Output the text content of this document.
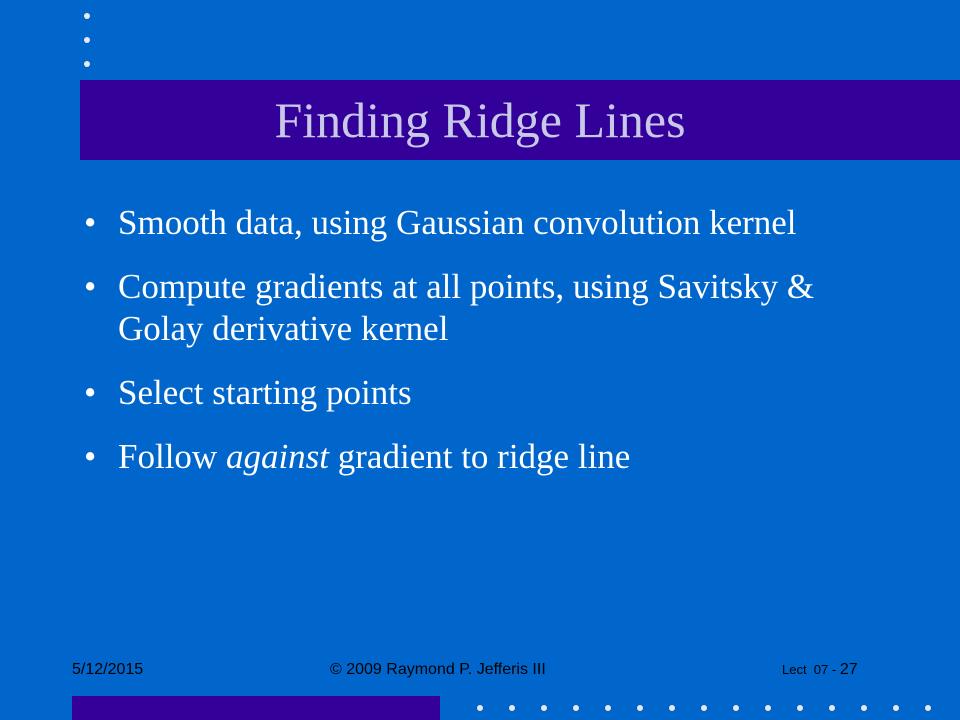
Finding Ridge Lines
• Smooth data, using Gaussian convolution kernel
• Compute gradients at all points, using Savitsky & Golay derivative kernel
• Select starting points
• Follow against gradient to ridge line
5/12/2015	© 2009 Raymond P. Jefferis III	Lect  07 - 27
